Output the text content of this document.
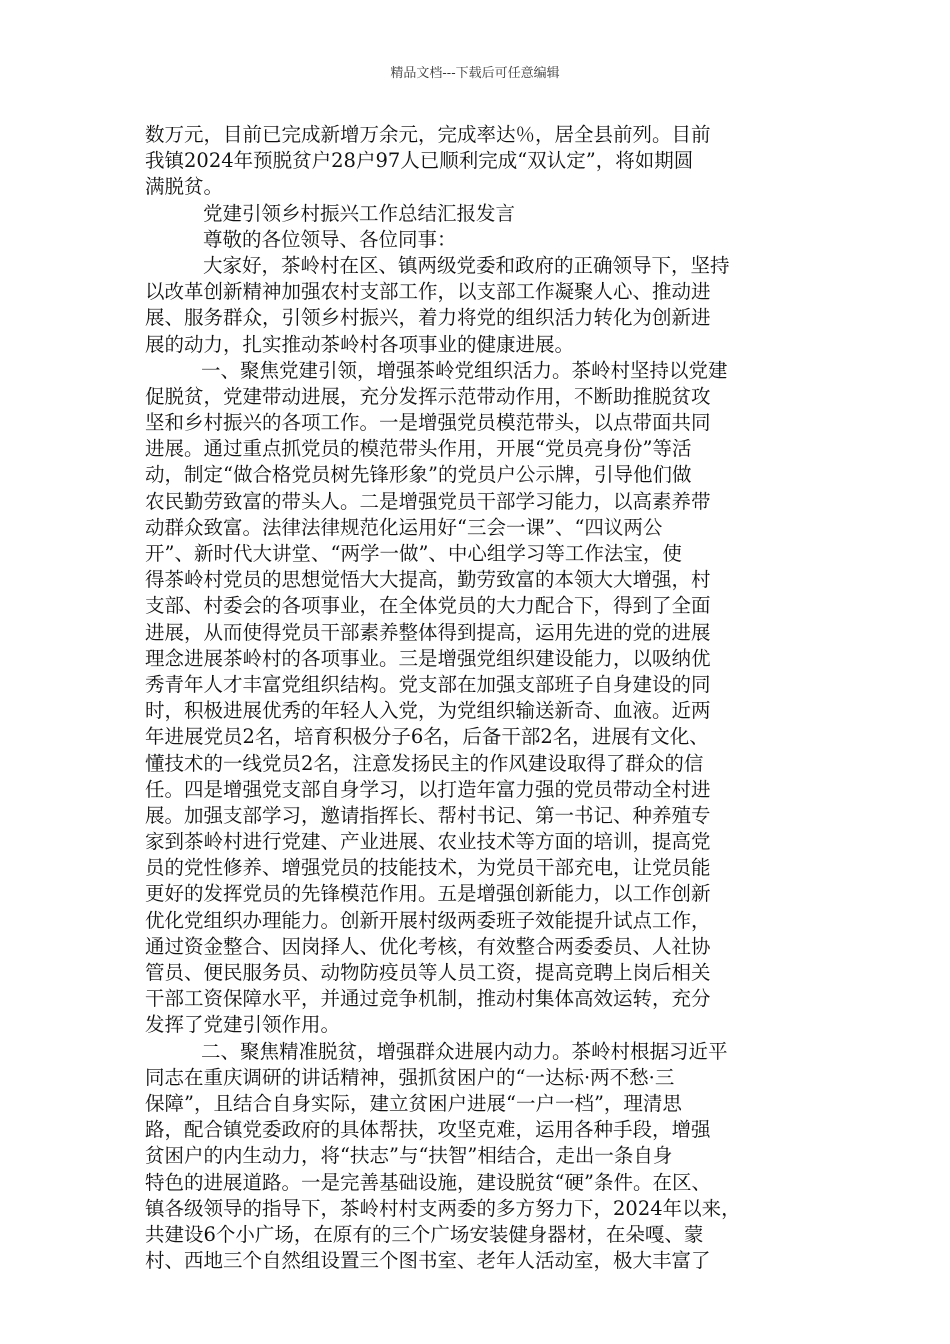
精品文档---下载后可任意编辑
数万元，目前已完成新增万余元，完成率达％，居全县前列。目前
我镇2024年预脱贫户28户97人已顺利完成“双认定”，将如期圆
满脱贫。
党建引领乡村振兴工作总结汇报发言
尊敬的各位领导、各位同事：
大家好，茶岭村在区、镇两级党委和政府的正确领导下，坚持
以改革创新精神加强农村支部工作，以支部工作凝聚人心、推动进
展、服务群众，引领乡村振兴，着力将党的组织活力转化为创新进
展的动力，扎实推动茶岭村各项事业的健康进展。
一、聚焦党建引领，增强茶岭党组织活力。茶岭村坚持以党建
促脱贫，党建带动进展，充分发挥示范带动作用，不断助推脱贫攻
坚和乡村振兴的各项工作。一是增强党员模范带头，以点带面共同
进展。通过重点抓党员的模范带头作用，开展“党员亮身份”等活
动，制定“做合格党员树先锋形象”的党员户公示牌，引导他们做
农民勤劳致富的带头人。二是增强党员干部学习能力，以高素养带
动群众致富。法律法律规范化运用好“三会一课”、“四议两公
开”、新时代大讲堂、“两学一做”、中心组学习等工作法宝，使
得茶岭村党员的思想觉悟大大提高，勤劳致富的本领大大增强，村
支部、村委会的各项事业，在全体党员的大力配合下，得到了全面
进展，从而使得党员干部素养整体得到提高，运用先进的党的进展
理念进展茶岭村的各项事业。三是增强党组织建设能力，以吸纳优
秀青年人才丰富党组织结构。党支部在加强支部班子自身建设的同
时，积极进展优秀的年轻人入党，为党组织输送新奇、血液。近两
年进展党员2名，培育积极分子6名，后备干部2名，进展有文化、
懂技术的一线党员2名，注意发扬民主的作风建设取得了群众的信
任。四是增强党支部自身学习，以打造年富力强的党员带动全村进
展。加强支部学习，邀请指挥长、帮村书记、第一书记、种养殖专
家到茶岭村进行党建、产业进展、农业技术等方面的培训，提高党
员的党性修养、增强党员的技能技术，为党员干部充电，让党员能
更好的发挥党员的先锋模范作用。五是增强创新能力，以工作创新
优化党组织办理能力。创新开展村级两委班子效能提升试点工作，
通过资金整合、因岗择人、优化考核，有效整合两委委员、人社协
管员、便民服务员、动物防疫员等人员工资，提高竞聘上岗后相关
干部工资保障水平，并通过竞争机制，推动村集体高效运转，充分
发挥了党建引领作用。
二、聚焦精准脱贫，增强群众进展内动力。茶岭村根据习近平
同志在重庆调研的讲话精神，强抓贫困户的“一达标·两不愁·三
保障”，且结合自身实际，建立贫困户进展“一户一档”，理清思
路，配合镇党委政府的具体帮扶，攻坚克难，运用各种手段，增强
贫困户的内生动力，将“扶志”与“扶智”相结合，走出一条自身
特色的进展道路。一是完善基础设施，建设脱贫“硬”条件。在区、
镇各级领导的指导下，茶岭村村支两委的多方努力下，2024年以来，
共建设6个小广场，在原有的三个广场安装健身器材，在朵嘎、蒙
村、西地三个自然组设置三个图书室、老年人活动室，极大丰富了
